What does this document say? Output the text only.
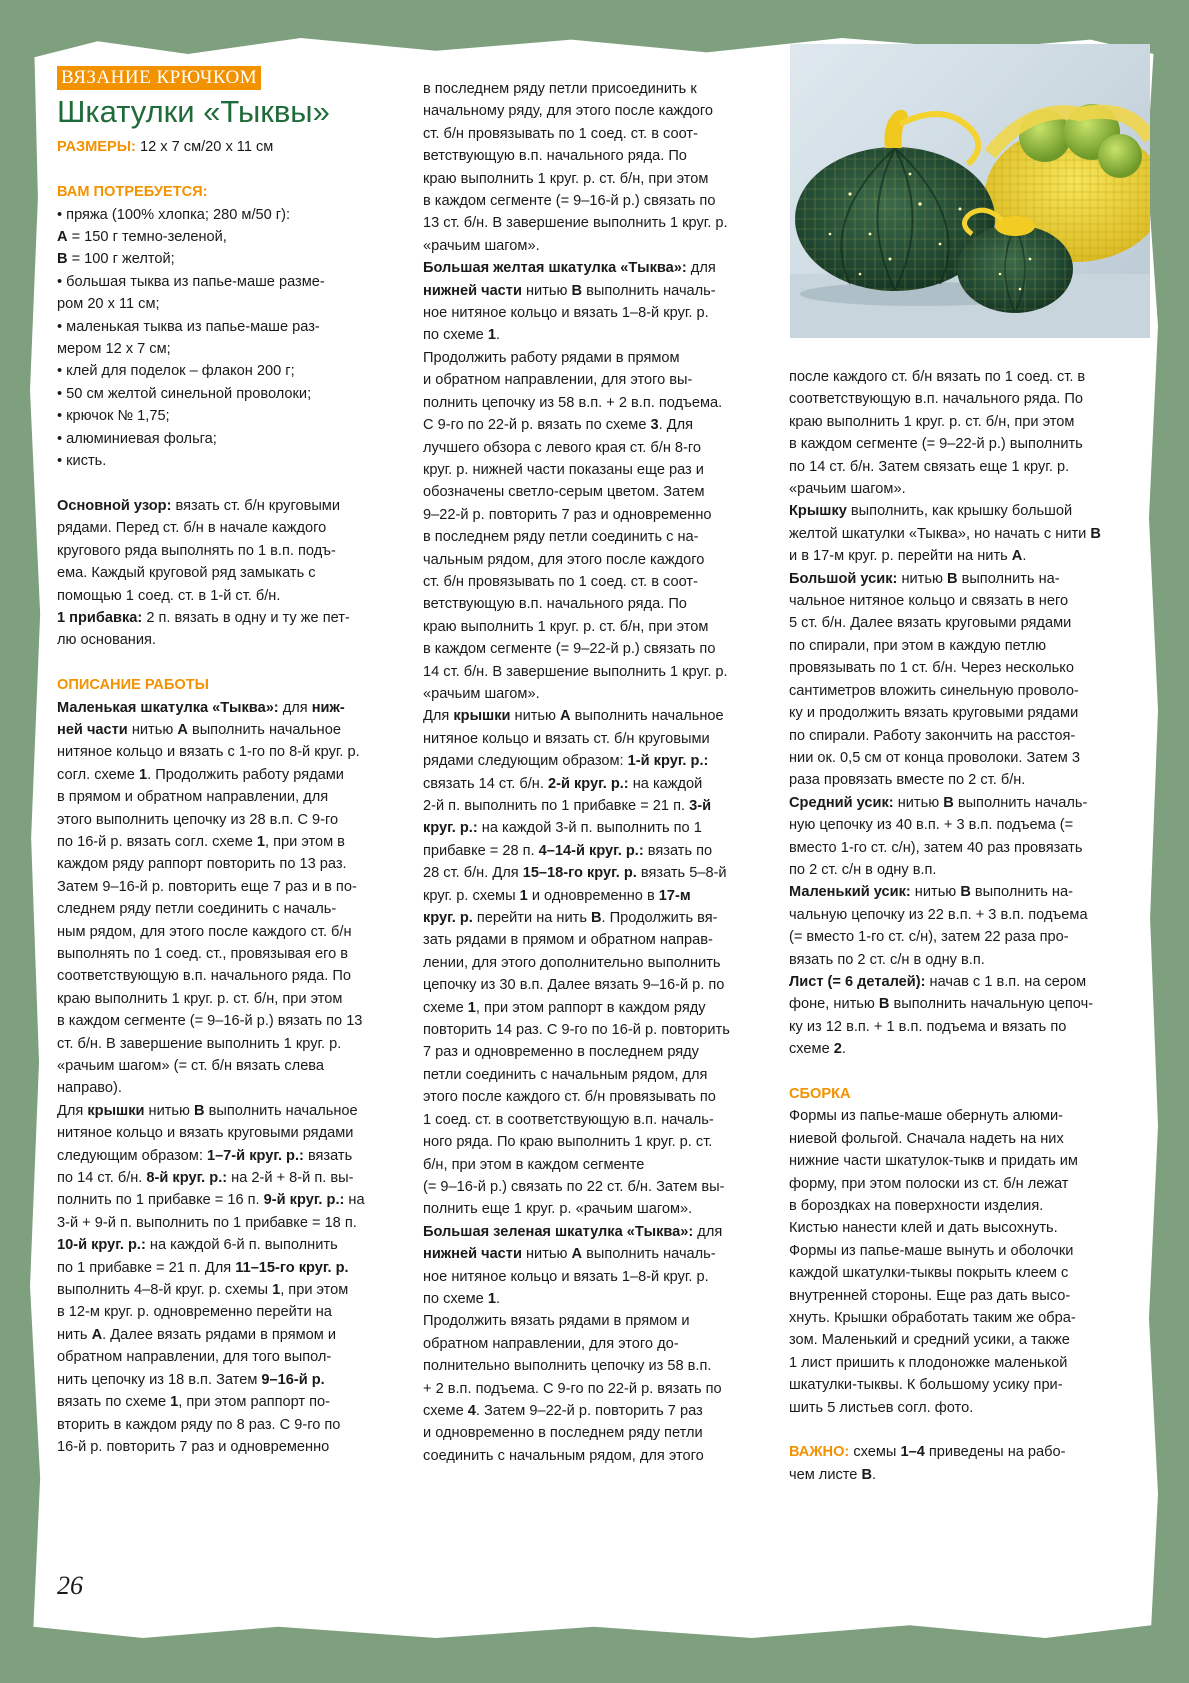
ВЯЗАНИЕ КРЮЧКОМ
Шкатулки «Тыквы»

РАЗМЕРЫ: 12 x 7 см/20 x 11 см

ВАМ ПОТРЕБУЕТСЯ:

• пряжа (100% хлопка; 280 м/50 г):

А = 150 г темно-зеленой,

В = 100 г желтой;

• большая тыква из папье-маше разме-

ром 20 х 11 см;

• маленькая тыква из папье-маше раз-

мером 12 х 7 см;

• клей для поделок – флакон 200 г;

• 50 см желтой синельной проволоки;

• крючок № 1,75;

• алюминиевая фольга;

• кисть.

Основной узор: вязать ст. б/н круговыми

рядами. Перед ст. б/н в начале каждого

кругового ряда выполнять по 1 в.п. подъ-

ема. Каждый круговой ряд замыкать с

помощью 1 соед. ст. в 1-й ст. б/н.

1 прибавка: 2 п. вязать в одну и ту же пет-

лю основания.

ОПИСАНИЕ РАБОТЫ

Маленькая шкатулка «Тыква»: для ниж-

ней части нитью А выполнить начальное

нитяное кольцо и вязать с 1-го по 8-й круг. р.

согл. схеме 1. Продолжить работу рядами

в прямом и обратном направлении, для

этого выполнить цепочку из 28 в.п. С 9-го

по 16-й р. вязать согл. схеме 1, при этом в

каждом ряду раппорт повторить по 13 раз.

Затем 9–16-й р. повторить еще 7 раз и в по-

следнем ряду петли соединить с началь-

ным рядом, для этого после каждого ст. б/н

выполнять по 1 соед. ст., провязывая его в

соответствующую в.п. начального ряда. По

краю выполнить 1 круг. р. ст. б/н, при этом

в каждом сегменте (= 9–16-й р.) вязать по 13

ст. б/н. В завершение выполнить 1 круг. р.

«рачьим шагом» (= ст. б/н вязать слева

направо).

Для крышки нитью В выполнить начальное

нитяное кольцо и вязать круговыми рядами

следующим образом: 1–7-й круг. р.: вязать

по 14 ст. б/н. 8-й круг. р.: на 2-й + 8-й п. вы-

полнить по 1 прибавке = 16 п. 9-й круг. р.: на

3-й + 9-й п. выполнить по 1 прибавке = 18 п.

10-й круг. р.: на каждой 6-й п. выполнить

по 1 прибавке = 21 п. Для 11–15-го круг. р.

выполнить 4–8-й круг. р. схемы 1, при этом

в 12-м круг. р. одновременно перейти на

нить А. Далее вязать рядами в прямом и

обратном направлении, для того выпол-

нить цепочку из 18 в.п. Затем 9–16-й р.

вязать по схеме 1, при этом раппорт по-

вторить в каждом ряду по 8 раз. С 9-го по

16-й р. повторить 7 раз и одновременно

в последнем ряду петли присоединить к

начальному ряду, для этого после каждого

ст. б/н провязывать по 1 соед. ст. в соот-

ветствующую в.п. начального ряда. По

краю выполнить 1 круг. р. ст. б/н, при этом

в каждом сегменте (= 9–16-й р.) связать по

13 ст. б/н. В завершение выполнить 1 круг. р.

«рачьим шагом».

Большая желтая шкатулка «Тыква»: для

нижней части нитью В выполнить началь-

ное нитяное кольцо и вязать 1–8-й круг. р.

по схеме 1.

Продолжить работу рядами в прямом

и обратном направлении, для этого вы-

полнить цепочку из 58 в.п. + 2 в.п. подъема.

С 9-го по 22-й р. вязать по схеме 3. Для

лучшего обзора с левого края ст. б/н 8-го

круг. р. нижней части показаны еще раз и

обозначены светло-серым цветом. Затем

9–22-й р. повторить 7 раз и одновременно

в последнем ряду петли соединить с на-

чальным рядом, для этого после каждого

ст. б/н провязывать по 1 соед. ст. в соот-

ветствующую в.п. начального ряда. По

краю выполнить 1 круг. р. ст. б/н, при этом

в каждом сегменте (= 9–22-й р.) связать по

14 ст. б/н. В завершение выполнить 1 круг. р.

«рачьим шагом».

Для крышки нитью А выполнить начальное

нитяное кольцо и вязать ст. б/н круговыми

рядами следующим образом: 1-й круг. р.:

связать 14 ст. б/н. 2-й круг. р.: на каждой

2-й п. выполнить по 1 прибавке = 21 п. 3-й

круг. р.: на каждой 3-й п. выполнить по 1

прибавке = 28 п. 4–14-й круг. р.: вязать по

28 ст. б/н. Для 15–18-го круг. р. вязать 5–8-й

круг. р. схемы 1 и одновременно в 17-м

круг. р. перейти на нить В. Продолжить вя-

зать рядами в прямом и обратном направ-

лении, для этого дополнительно выполнить

цепочку из 30 в.п. Далее вязать 9–16-й р. по

схеме 1, при этом раппорт в каждом ряду

повторить 14 раз. С 9-го по 16-й р. повторить

7 раз и одновременно в последнем ряду

петли соединить с начальным рядом, для

этого после каждого ст. б/н провязывать по

1 соед. ст. в соответствующую в.п. началь-

ного ряда. По краю выполнить 1 круг. р. ст.

б/н, при этом в каждом сегменте

(= 9–16-й р.) связать по 22 ст. б/н. Затем вы-

полнить еще 1 круг. р. «рачьим шагом».

Большая зеленая шкатулка «Тыква»: для

нижней части нитью А выполнить началь-

ное нитяное кольцо и вязать 1–8-й круг. р.

по схеме 1.

Продолжить вязать рядами в прямом и

обратном направлении, для этого до-

полнительно выполнить цепочку из 58 в.п.

+ 2 в.п. подъема. С 9-го по 22-й р. вязать по

схеме 4. Затем 9–22-й р. повторить 7 раз

и одновременно в последнем ряду петли

соединить с начальным рядом, для этого

после каждого ст. б/н вязать по 1 соед. ст. в

соответствующую в.п. начального ряда. По

краю выполнить 1 круг. р. ст. б/н, при этом

в каждом сегменте (= 9–22-й р.) выполнить

по 14 ст. б/н. Затем связать еще 1 круг. р.

«рачьим шагом».

Крышку выполнить, как крышку большой

желтой шкатулки «Тыква», но начать с нити В

и в 17-м круг. р. перейти на нить А.

Большой усик: нитью В выполнить на-

чальное нитяное кольцо и связать в него

5 ст. б/н. Далее вязать круговыми рядами

по спирали, при этом в каждую петлю

провязывать по 1 ст. б/н. Через несколько

сантиметров вложить синельную проволо-

ку и продолжить вязать круговыми рядами

по спирали. Работу закончить на расстоя-

нии ок. 0,5 см от конца проволоки. Затем 3

раза провязать вместе по 2 ст. б/н.

Средний усик: нитью В выполнить началь-

ную цепочку из 40 в.п. + 3 в.п. подъема (=

вместо 1-го ст. с/н), затем 40 раз провязать

по 2 ст. с/н в одну в.п.

Маленький усик: нитью В выполнить на-

чальную цепочку из 22 в.п. + 3 в.п. подъема

(= вместо 1-го ст. с/н), затем 22 раза про-

вязать по 2 ст. с/н в одну в.п.

Лист (= 6 деталей): начав с 1 в.п. на сером

фоне, нитью В выполнить начальную цепоч-

ку из 12 в.п. + 1 в.п. подъема и вязать по

схеме 2.

СБОРКА

Формы из папье-маше обернуть алюми-

ниевой фольгой. Сначала надеть на них

нижние части шкатулок-тыкв и придать им

форму, при этом полоски из ст. б/н лежат

в бороздках на поверхности изделия.

Кистью нанести клей и дать высохнуть.

Формы из папье-маше вынуть и оболочки

каждой шкатулки-тыквы покрыть клеем с

внутренней стороны. Еще раз дать высо-

хнуть. Крышки обработать таким же обра-

зом. Маленький и средний усики, а также

1 лист пришить к плодоножке маленькой

шкатулки-тыквы. К большому усику при-

шить 5 листьев согл. фото.

ВАЖНО: схемы 1–4 приведены на рабо-

чем листе В.

26
